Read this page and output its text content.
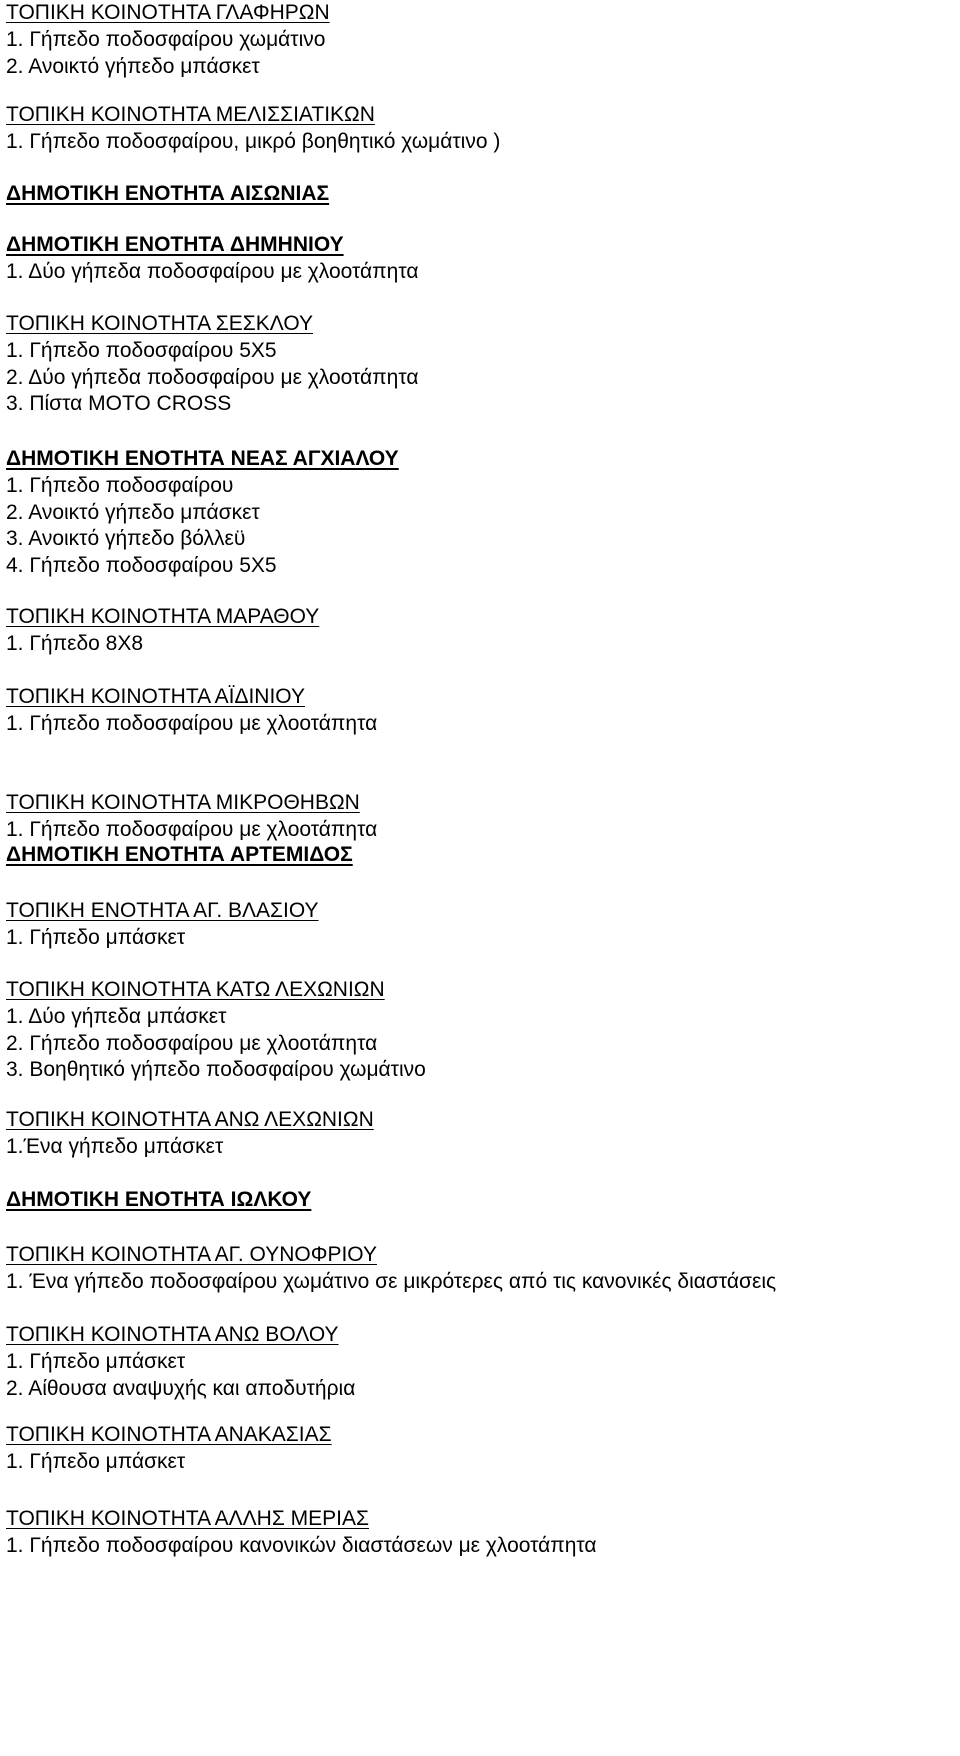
ΤΟΠΙΚΗ ΚΟΙΝΟΤΗΤΑ ΓΛΑΦΗΡΩΝ
1. Γήπεδο ποδοσφαίρου χωμάτινο
2. Ανοικτό γήπεδο μπάσκετ
ΤΟΠΙΚΗ ΚΟΙΝΟΤΗΤΑ ΜΕΛΙΣΣΙΑΤΙΚΩΝ
1. Γήπεδο ποδοσφαίρου, μικρό βοηθητικό χωμάτινο )
ΔΗΜΟΤΙΚΗ ΕΝΟΤΗΤΑ ΑΙΣΩΝΙΑΣ
ΔΗΜΟΤΙΚΗ ΕΝΟΤΗΤΑ ΔΗΜΗΝΙΟΥ
1. Δύο γήπεδα ποδοσφαίρου με χλοοτάπητα
ΤΟΠΙΚΗ ΚΟΙΝΟΤΗΤΑ ΣΕΣΚΛΟΥ
1. Γήπεδο ποδοσφαίρου 5Χ5
2. Δύο γήπεδα ποδοσφαίρου με χλοοτάπητα
3. Πίστα MOTO CROSS
ΔΗΜΟΤΙΚΗ ΕΝΟΤΗΤΑ ΝΕΑΣ ΑΓΧΙΑΛΟΥ
1. Γήπεδο ποδοσφαίρου
2. Ανοικτό γήπεδο μπάσκετ
3. Ανοικτό γήπεδο βόλλεϋ
4. Γήπεδο ποδοσφαίρου 5Χ5
ΤΟΠΙΚΗ ΚΟΙΝΟΤΗΤΑ ΜΑΡΑΘΟΥ
1. Γήπεδο 8Χ8
ΤΟΠΙΚΗ ΚΟΙΝΟΤΗΤΑ ΑΪΔΙΝΙΟΥ
1. Γήπεδο ποδοσφαίρου με χλοοτάπητα
ΤΟΠΙΚΗ ΚΟΙΝΟΤΗΤΑ ΜΙΚΡΟΘΗΒΩΝ
1. Γήπεδο ποδοσφαίρου με χλοοτάπητα
ΔΗΜΟΤΙΚΗ ΕΝΟΤΗΤΑ ΑΡΤΕΜΙΔΟΣ
ΤΟΠΙΚΗ ΕΝΟΤΗΤΑ ΑΓ. ΒΛΑΣΙΟΥ
1. Γήπεδο μπάσκετ
ΤΟΠΙΚΗ ΚΟΙΝΟΤΗΤΑ ΚΑΤΩ ΛΕΧΩΝΙΩΝ
1. Δύο γήπεδα μπάσκετ
2. Γήπεδο ποδοσφαίρου με χλοοτάπητα
3. Βοηθητικό γήπεδο ποδοσφαίρου χωμάτινο
ΤΟΠΙΚΗ ΚΟΙΝΟΤΗΤΑ ΑΝΩ ΛΕΧΩΝΙΩΝ
1.Ένα γήπεδο μπάσκετ
ΔΗΜΟΤΙΚΗ ΕΝΟΤΗΤΑ ΙΩΛΚΟΥ
ΤΟΠΙΚΗ ΚΟΙΝΟΤΗΤΑ ΑΓ. ΟΥΝΟΦΡΙΟΥ
1. Ένα γήπεδο ποδοσφαίρου χωμάτινο σε μικρότερες από τις κανονικές διαστάσεις
ΤΟΠΙΚΗ ΚΟΙΝΟΤΗΤΑ ΑΝΩ ΒΟΛΟΥ
1. Γήπεδο μπάσκετ
2. Αίθουσα αναψυχής και αποδυτήρια
ΤΟΠΙΚΗ ΚΟΙΝΟΤΗΤΑ ΑΝΑΚΑΣΙΑΣ
1. Γήπεδο μπάσκετ
ΤΟΠΙΚΗ ΚΟΙΝΟΤΗΤΑ ΑΛΛΗΣ ΜΕΡΙΑΣ
1. Γήπεδο ποδοσφαίρου κανονικών διαστάσεων με χλοοτάπητα
